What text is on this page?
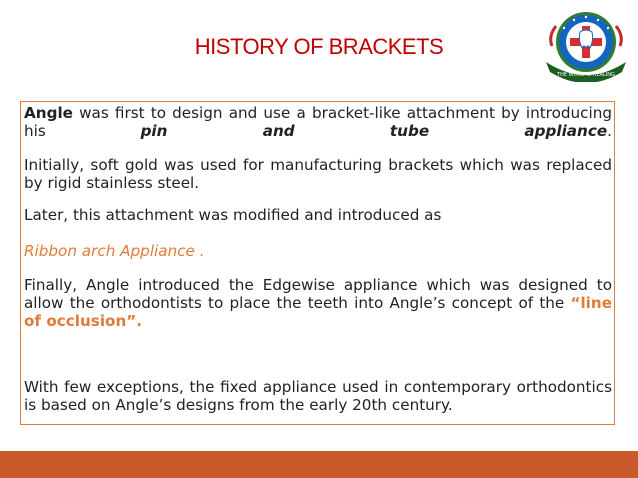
HISTORY OF BRACKETS
THE WORD IS HEALING
Angle was first to design and use a bracket-like attachment by introducing his pin and tube appliance.
Initially, soft gold was used for manufacturing brackets which was replaced by rigid stainless steel.
Later, this attachment was modified and introduced as
Ribbon arch Appliance .
Finally, Angle introduced the Edgewise appliance which was designed to allow the orthodontists to place the teeth into Angle’s concept of the “line of occlusion”.
With few exceptions, the fixed appliance used in contemporary orthodontics is based on Angle’s designs from the early 20th century.
5
